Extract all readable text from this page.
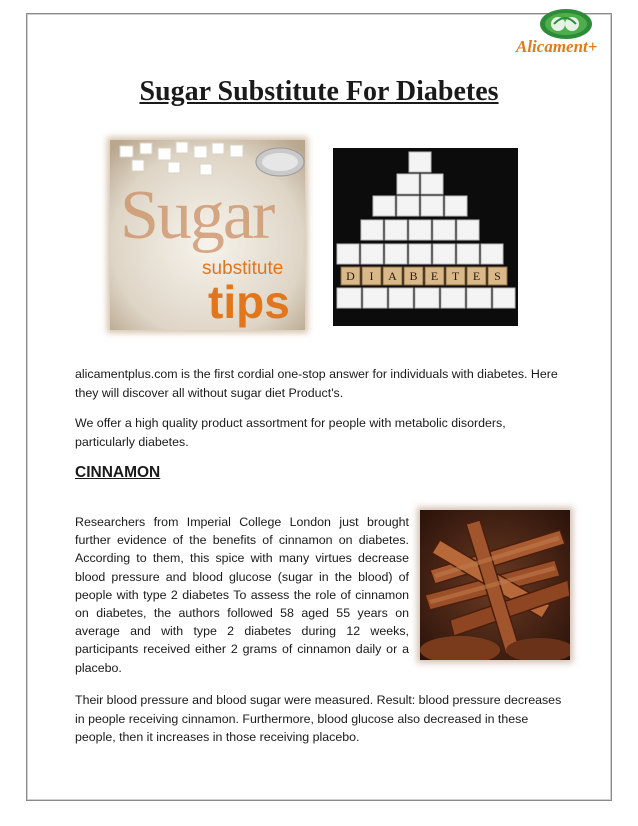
Alicament+
Sugar Substitute For Diabetes
Sugar
substitute
tips	D I A B E T E S

alicamentplus.com is the first cordial one-stop answer for individuals with diabetes. Here they will discover all without sugar diet Product's.

We offer a high quality product assortment for people with metabolic disorders, particularly diabetes.

CINNAMON

Researchers from Imperial College London just brought further evidence of the benefits of cinnamon on diabetes. According to them, this spice with many virtues decrease blood pressure and blood glucose (sugar in the blood) of people with type 2 diabetes To assess the role of cinnamon on diabetes, the authors followed 58 aged 55 years on average and with type 2 diabetes during 12 weeks, participants received either 2 grams of cinnamon daily or a placebo.

Their blood pressure and blood sugar were measured. Result: blood pressure decreases in people receiving cinnamon. Furthermore, blood glucose also decreased in these people, then it increases in those receiving placebo.
